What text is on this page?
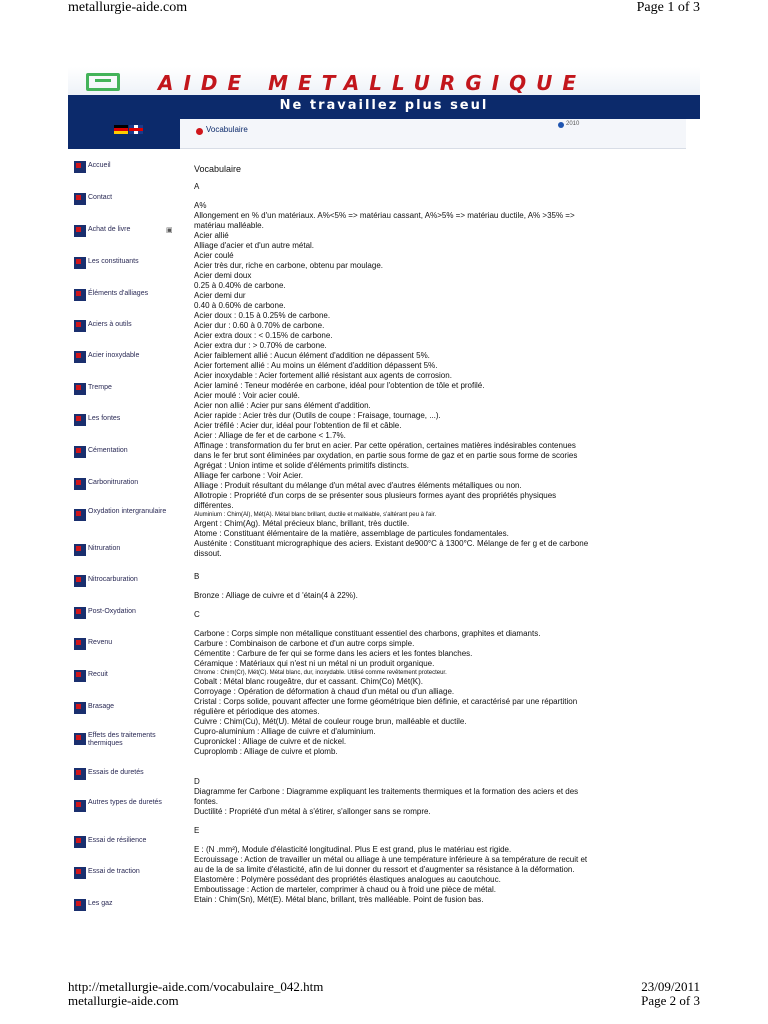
metallurgie-aide.com	Page 1 of 3
AIDE METALLURGIQUE
Ne travaillez plus seul
Vocabulaire
2010
Accueil
Contact
Achat de livre	▣
Les constituants
Éléments d'alliages
Aciers à outils
Acier inoxydable
Trempe
Les fontes
Cémentation
Carbonitruration
Oxydation intergranulaire
Nitruration
Nitrocarburation
Post-Oxydation
Revenu
Recuit
Brasage
Effets des traitements thermiques
Essais de duretés
Autres types de duretés
Essai de résilience
Essai de traction
Les gaz

Vocabulaire

A

A%

Allongement en % d'un matériaux. A%<5% => matériau cassant, A%>5% => matériau ductile, A% >35% => matériau malléable.

Acier allié

Alliage d'acier et d'un autre métal.

Acier coulé

Acier très dur, riche en carbone, obtenu par moulage.

Acier demi doux

0.25 à 0.40% de carbone.

Acier demi dur

0.40 à 0.60% de carbone.

Acier doux : 0.15 à 0.25% de carbone.

Acier dur : 0.60 à 0.70% de carbone.

Acier extra doux : < 0.15% de carbone.

Acier extra dur : > 0.70% de carbone.

Acier faiblement allié : Aucun élément d'addition ne dépassent 5%.

Acier fortement allié : Au moins un élément d'addition dépassent 5%.

Acier inoxydable : Acier fortement allié résistant aux agents de corrosion.

Acier laminé : Teneur modérée en carbone, idéal pour l'obtention de tôle et profilé.

Acier moulé : Voir acier coulé.

Acier non allié : Acier pur sans élément d'addition.

Acier rapide : Acier très dur (Outils de coupe : Fraisage, tournage, ...).

Acier tréfilé : Acier dur, idéal pour l'obtention de fil et câble.

Acier : Alliage de fer et de carbone < 1.7%.

Affinage : transformation du fer brut en acier. Par cette opération, certaines matières indésirables contenues dans le fer brut sont éliminées par oxydation, en partie sous forme de gaz et en partie sous forme de scories

Agrégat : Union intime et solide d'éléments primitifs distincts.

Alliage fer carbone : Voir Acier.

Alliage : Produit résultant du mélange d'un métal avec d'autres éléments métalliques ou non.

Allotropie : Propriété d'un corps de se présenter sous plusieurs formes ayant des propriétés physiques différentes.

Aluminium : Chim(Al), Mét(A). Métal blanc brillant, ductile et malléable, s'altérant peu à l'air.

Argent : Chim(Ag). Métal précieux blanc, brillant, très ductile.

Atome : Constituant élémentaire de la matière, assemblage de particules fondamentales.

Austénite : Constituant micrographique des aciers. Existant de900°C à 1300°C. Mélange de fer g et de carbone dissout.

B

Bronze : Alliage de cuivre et d 'étain(4 à 22%).

C

Carbone : Corps simple non métallique constituant essentiel des charbons, graphites et diamants.

Carbure : Combinaison de carbone et d'un autre corps simple.

Cémentite : Carbure de fer qui se forme dans les aciers et les fontes blanches.

Céramique : Matériaux qui n'est ni un métal ni un produit organique.

Chrome : Chim(Cr), Mét(C). Métal blanc, dur, inoxydable. Utilisé comme revêtement protecteur.

Cobalt : Métal blanc rougeâtre, dur et cassant. Chim(Co) Mét(K).

Corroyage : Opération de déformation à chaud d'un métal ou d'un alliage.

Cristal : Corps solide, pouvant affecter une forme géométrique bien définie, et caractérisé par une répartition régulière et périodique des atomes.

Cuivre : Chim(Cu), Mét(U). Métal de couleur rouge brun, malléable et ductile.

Cupro-aluminium : Alliage de cuivre et d'aluminium.

Cupronickel : Alliage de cuivre et de nickel.

Cuproplomb : Alliage de cuivre et plomb.

D

Diagramme fer Carbone : Diagramme expliquant les traitements thermiques et la formation des aciers et des fontes.

Ductilité : Propriété d'un métal à s'étirer, s'allonger sans se rompre.

E

E : (N .mm²), Module d'élasticité longitudinal. Plus E est grand, plus le matériau est rigide.

Ecrouissage : Action de travailler un métal ou alliage à une température inférieure à sa température de recuit et au de la de sa limite d'élasticité, afin de lui donner du ressort et d'augmenter sa résistance à la déformation.

Elastomère : Polymère possédant des propriétés élastiques analogues au caoutchouc.

Emboutissage : Action de marteler, comprimer à chaud ou à froid une pièce de métal.

Etain : Chim(Sn), Mét(E). Métal blanc, brillant, très malléable. Point de fusion bas.

http://metallurgie-aide.com/vocabulaire_042.htm	23/09/2011
metallurgie-aide.com	Page 2 of 3
